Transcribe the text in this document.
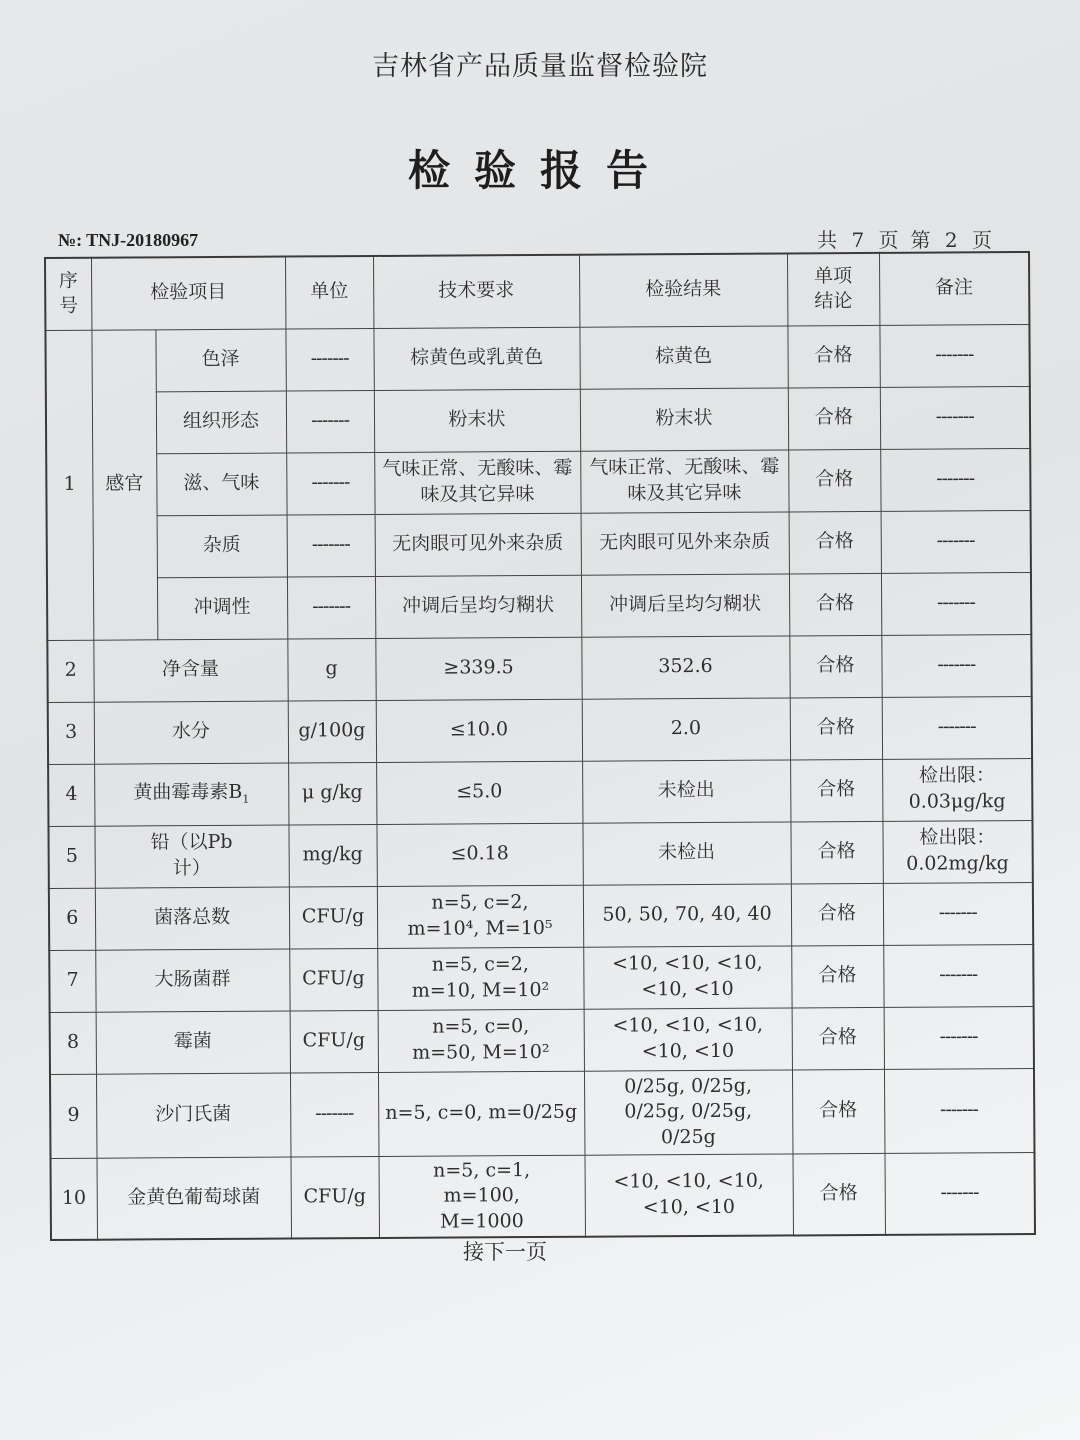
吉林省产品质量监督检验院
检验报告
№: TNJ-20180967	共 7 页 第 2 页
序号	检验项目		单位	技术要求	检验结果	单项结论	备注
1	感官	色泽	-------	棕黄色或乳黄色	棕黄色	合格	-------
		组织形态	-------	粉末状	粉末状	合格	-------
		滋、气味	-------	气味正常、无酸味、霉味及其它异味	气味正常、无酸味、霉味及其它异味	合格	-------
		杂质	-------	无肉眼可见外来杂质	无肉眼可见外来杂质	合格	-------
		冲调性	-------	冲调后呈均匀糊状	冲调后呈均匀糊状	合格	-------
2	净含量		g	≥339.5	352.6	合格	-------
3	水分		g/100g	≤10.0	2.0	合格	-------
4	黄曲霉毒素$B_1$		μ g/kg	≤5.0	未检出	合格	检出限：0.03μg/kg
5	铅（以Pb计）		mg/kg	≤0.18	未检出	合格	检出限：0.02mg/kg
6	菌落总数		CFU/g	n=5, c=2, m=10⁴, M=10⁵	50, 50, 70, 40, 40	合格	-------
7	大肠菌群		CFU/g	n=5, c=2, m=10, M=10²	<10, <10, <10, <10, <10	合格	-------
8	霉菌		CFU/g	n=5, c=0, m=50, M=10²	<10, <10, <10, <10, <10	合格	-------
9	沙门氏菌		-------	n=5, c=0, m=0/25g	0/25g, 0/25g, 0/25g, 0/25g, 0/25g	合格	-------
10	金黄色葡萄球菌		CFU/g	n=5, c=1, m=100, M=1000	<10, <10, <10, <10, <10	合格	-------
接下一页
